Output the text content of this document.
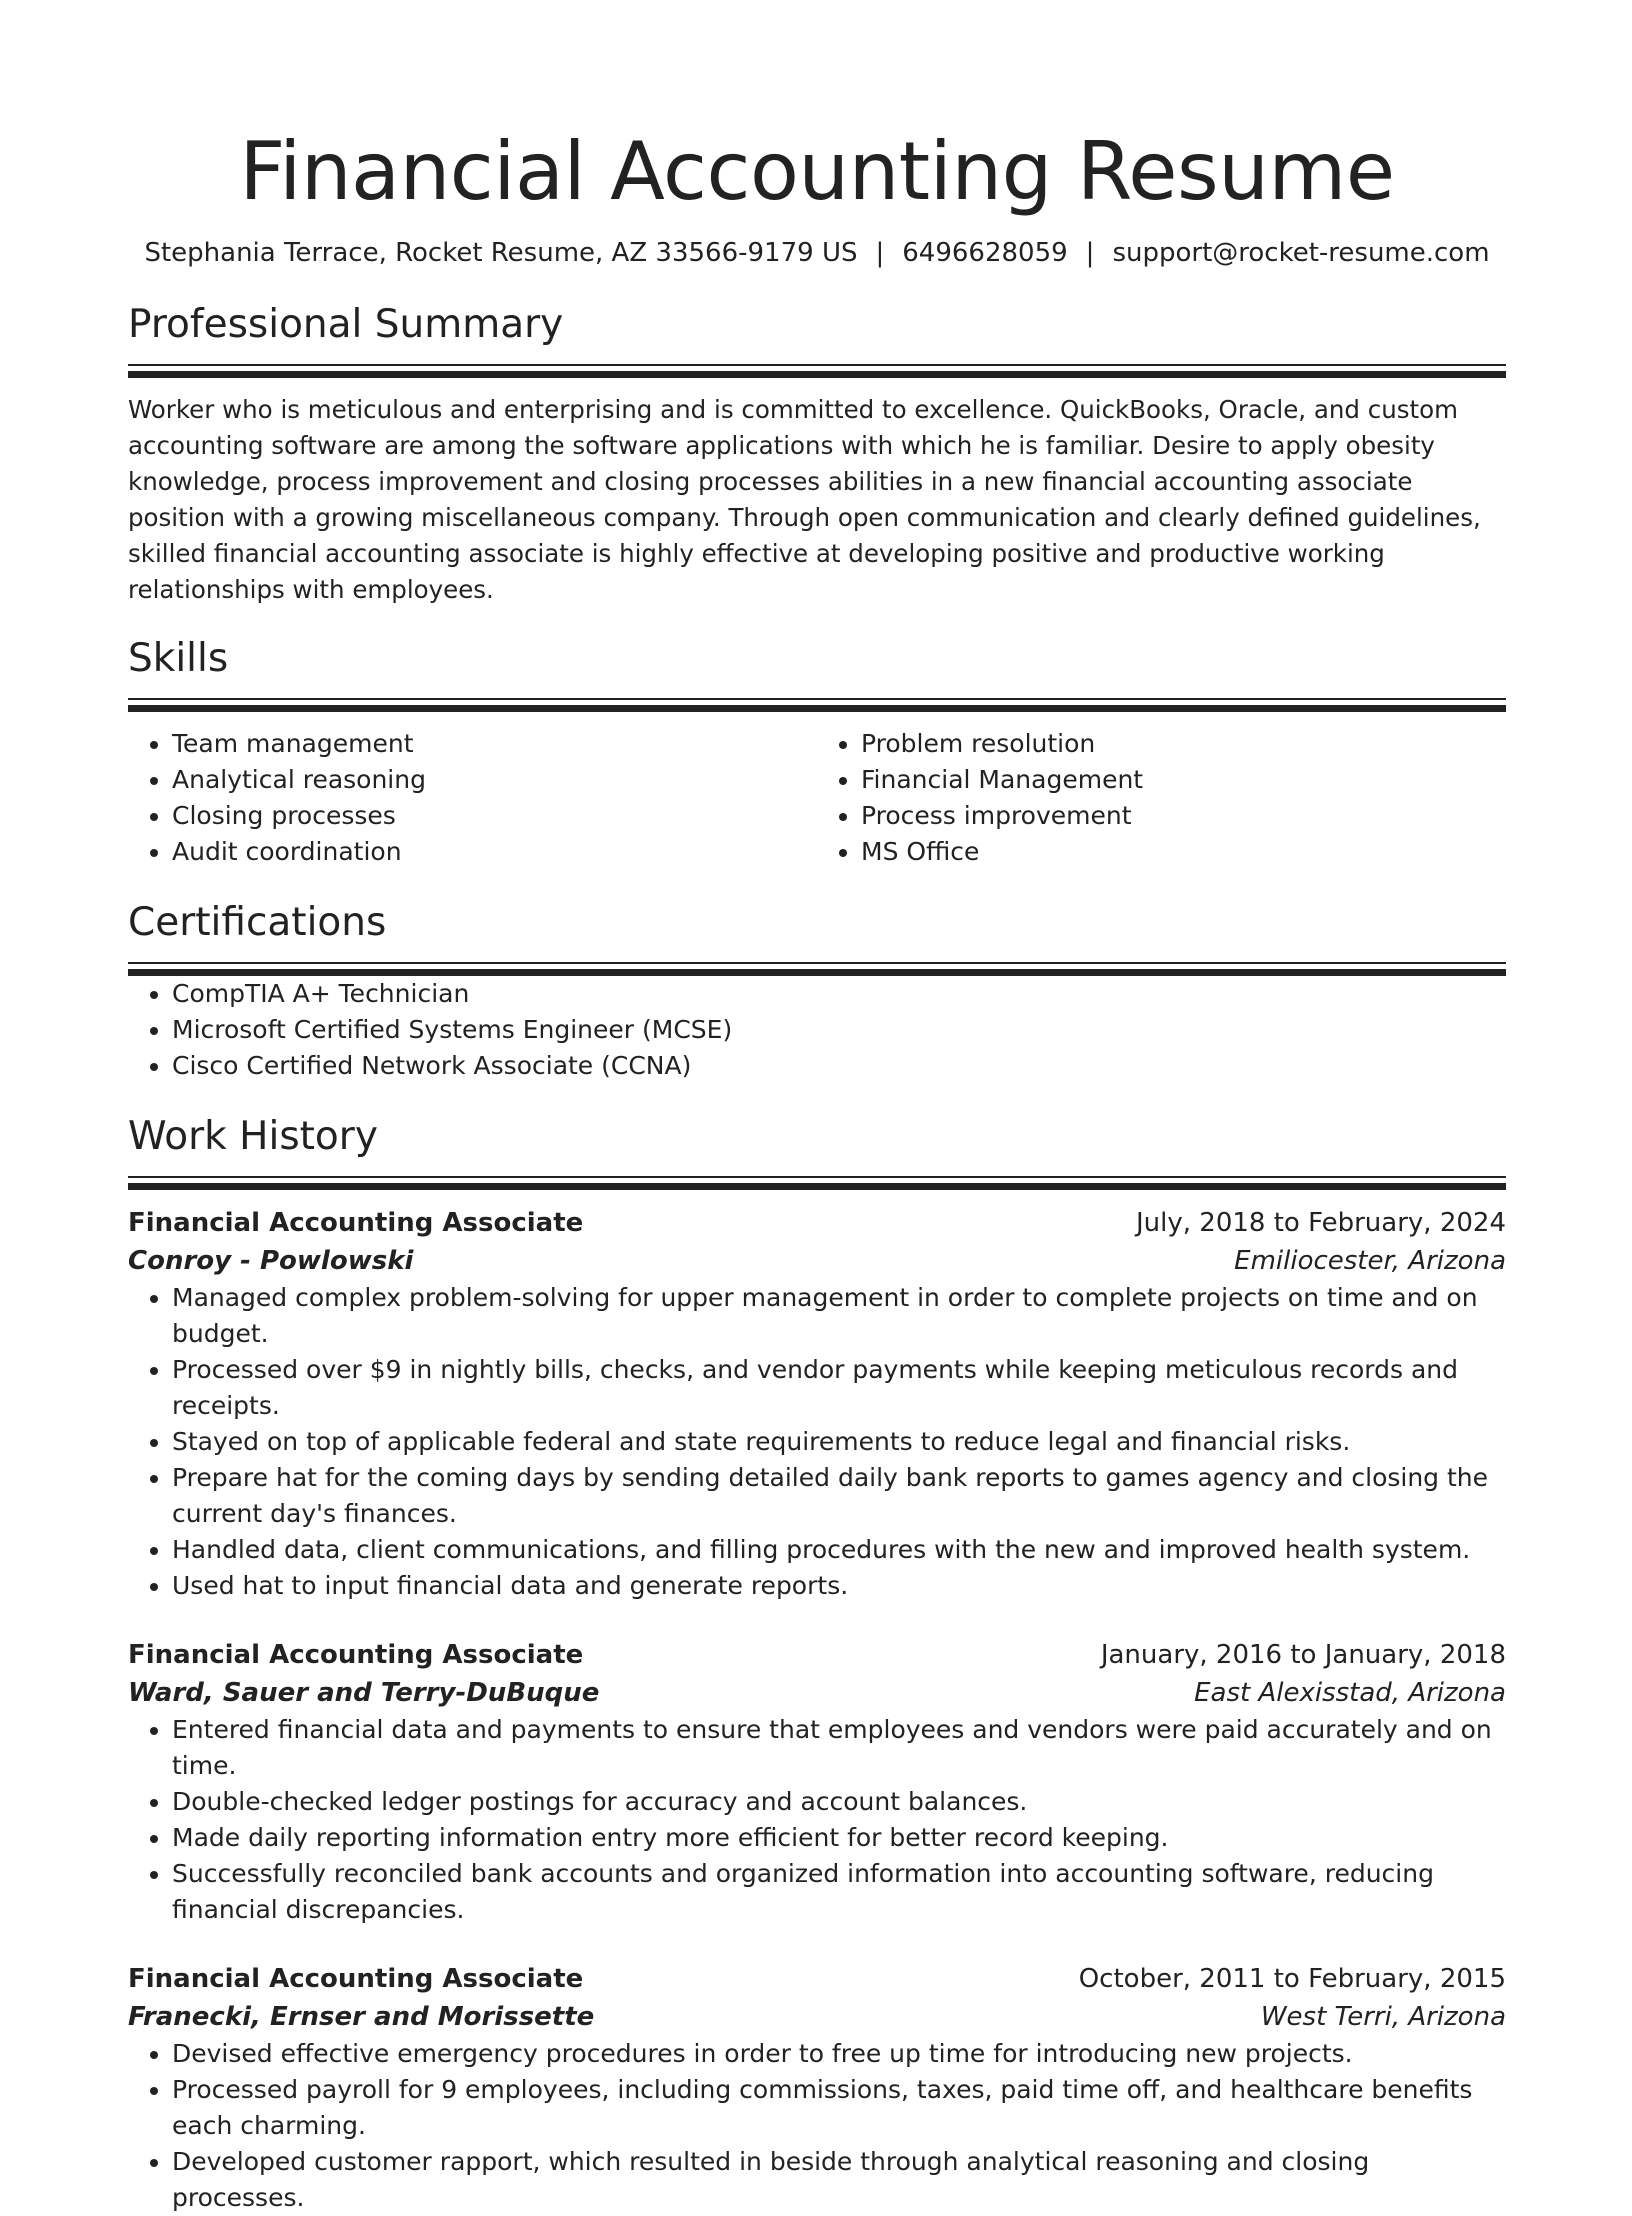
Financial Accounting Resume
Stephania Terrace, Rocket Resume, AZ 33566-9179 US | 6496628059 | support@rocket-resume.com
Professional Summary
Worker who is meticulous and enterprising and is committed to excellence. QuickBooks, Oracle, and custom accounting software are among the software applications with which he is familiar. Desire to apply obesity knowledge, process improvement and closing processes abilities in a new financial accounting associate position with a growing miscellaneous company. Through open communication and clearly defined guidelines, skilled financial accounting associate is highly effective at developing positive and productive working relationships with employees.
Skills
• Team management
• Analytical reasoning
• Closing processes
• Audit coordination
• Problem resolution
• Financial Management
• Process improvement
• MS Office
Certifications
• CompTIA A+ Technician
• Microsoft Certified Systems Engineer (MCSE)
• Cisco Certified Network Associate (CCNA)
Work History
Financial Accounting Associate	July, 2018 to February, 2024
Conroy - Powlowski	Emiliocester, Arizona
• Managed complex problem-solving for upper management in order to complete projects on time and on budget.
• Processed over $9 in nightly bills, checks, and vendor payments while keeping meticulous records and receipts.
• Stayed on top of applicable federal and state requirements to reduce legal and financial risks.
• Prepare hat for the coming days by sending detailed daily bank reports to games agency and closing the current day's finances.
• Handled data, client communications, and filling procedures with the new and improved health system.
• Used hat to input financial data and generate reports.
Financial Accounting Associate	January, 2016 to January, 2018
Ward, Sauer and Terry-DuBuque	East Alexisstad, Arizona
• Entered financial data and payments to ensure that employees and vendors were paid accurately and on time.
• Double-checked ledger postings for accuracy and account balances.
• Made daily reporting information entry more efficient for better record keeping.
• Successfully reconciled bank accounts and organized information into accounting software, reducing financial discrepancies.
Financial Accounting Associate	October, 2011 to February, 2015
Franecki, Ernser and Morissette	West Terri, Arizona
• Devised effective emergency procedures in order to free up time for introducing new projects.
• Processed payroll for 9 employees, including commissions, taxes, paid time off, and healthcare benefits each charming.
• Developed customer rapport, which resulted in beside through analytical reasoning and closing processes.
